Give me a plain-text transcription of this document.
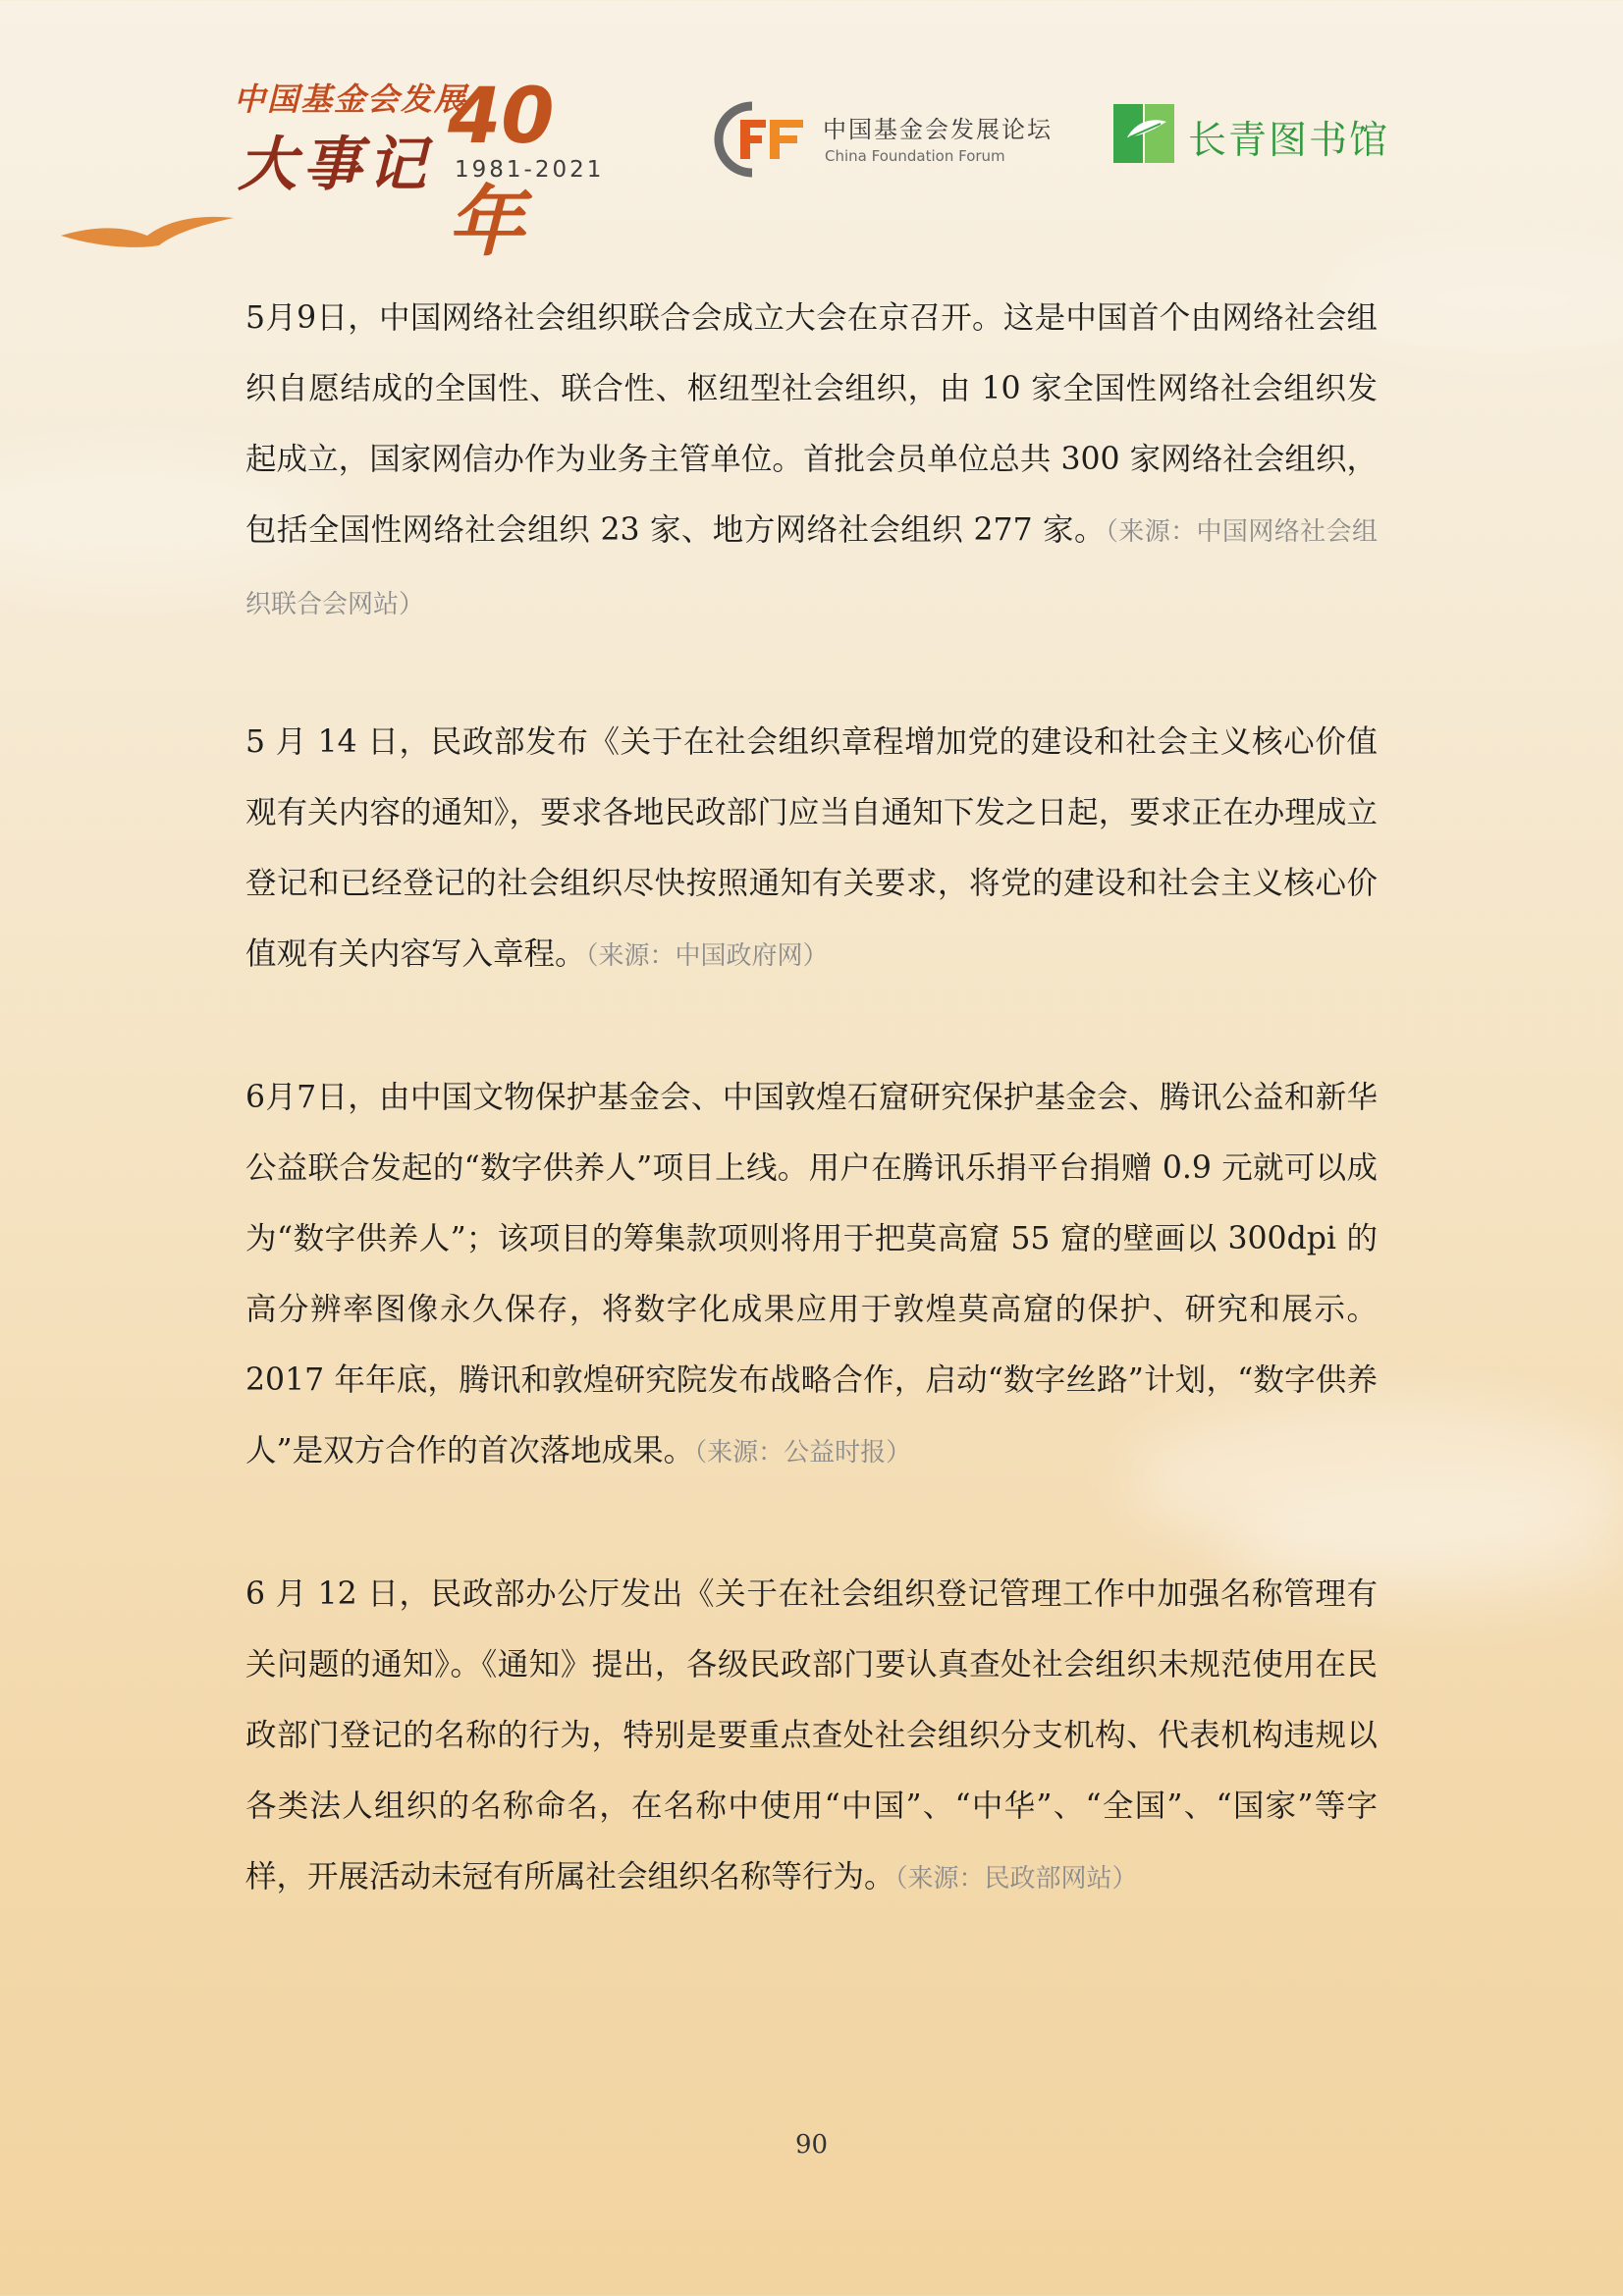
中国基金会发展
大事记
40年
1981-2021
中国基金会发展论坛
China Foundation Forum	长青图书馆
5月9日，中国网络社会组织联合会成立大会在京召开。这是中国首个由网络社会组织自愿结成的全国性、联合性、枢纽型社会组织，由 10 家全国性网络社会组织发起成立，国家网信办作为业务主管单位。首批会员单位总共 300 家网络社会组织，包括全国性网络社会组织 23 家、地方网络社会组织 277 家。（来源：中国网络社会组织联合会网站）
5 月 14 日，民政部发布《关于在社会组织章程增加党的建设和社会主义核心价值观有关内容的通知》，要求各地民政部门应当自通知下发之日起，要求正在办理成立登记和已经登记的社会组织尽快按照通知有关要求，将党的建设和社会主义核心价值观有关内容写入章程。（来源：中国政府网）
6月7日，由中国文物保护基金会、中国敦煌石窟研究保护基金会、腾讯公益和新华公益联合发起的“数字供养人”项目上线。用户在腾讯乐捐平台捐赠 0.9 元就可以成为“数字供养人”；该项目的筹集款项则将用于把莫高窟 55 窟的壁画以 300dpi 的高分辨率图像永久保存，将数字化成果应用于敦煌莫高窟的保护、研究和展示。2017 年年底，腾讯和敦煌研究院发布战略合作，启动“数字丝路”计划，“数字供养人”是双方合作的首次落地成果。（来源：公益时报）
6 月 12 日，民政部办公厅发出《关于在社会组织登记管理工作中加强名称管理有关问题的通知》。《通知》提出，各级民政部门要认真查处社会组织未规范使用在民政部门登记的名称的行为，特别是要重点查处社会组织分支机构、代表机构违规以各类法人组织的名称命名，在名称中使用“中国”、“中华”、“全国”、“国家”等字样，开展活动未冠有所属社会组织名称等行为。（来源：民政部网站）
90
